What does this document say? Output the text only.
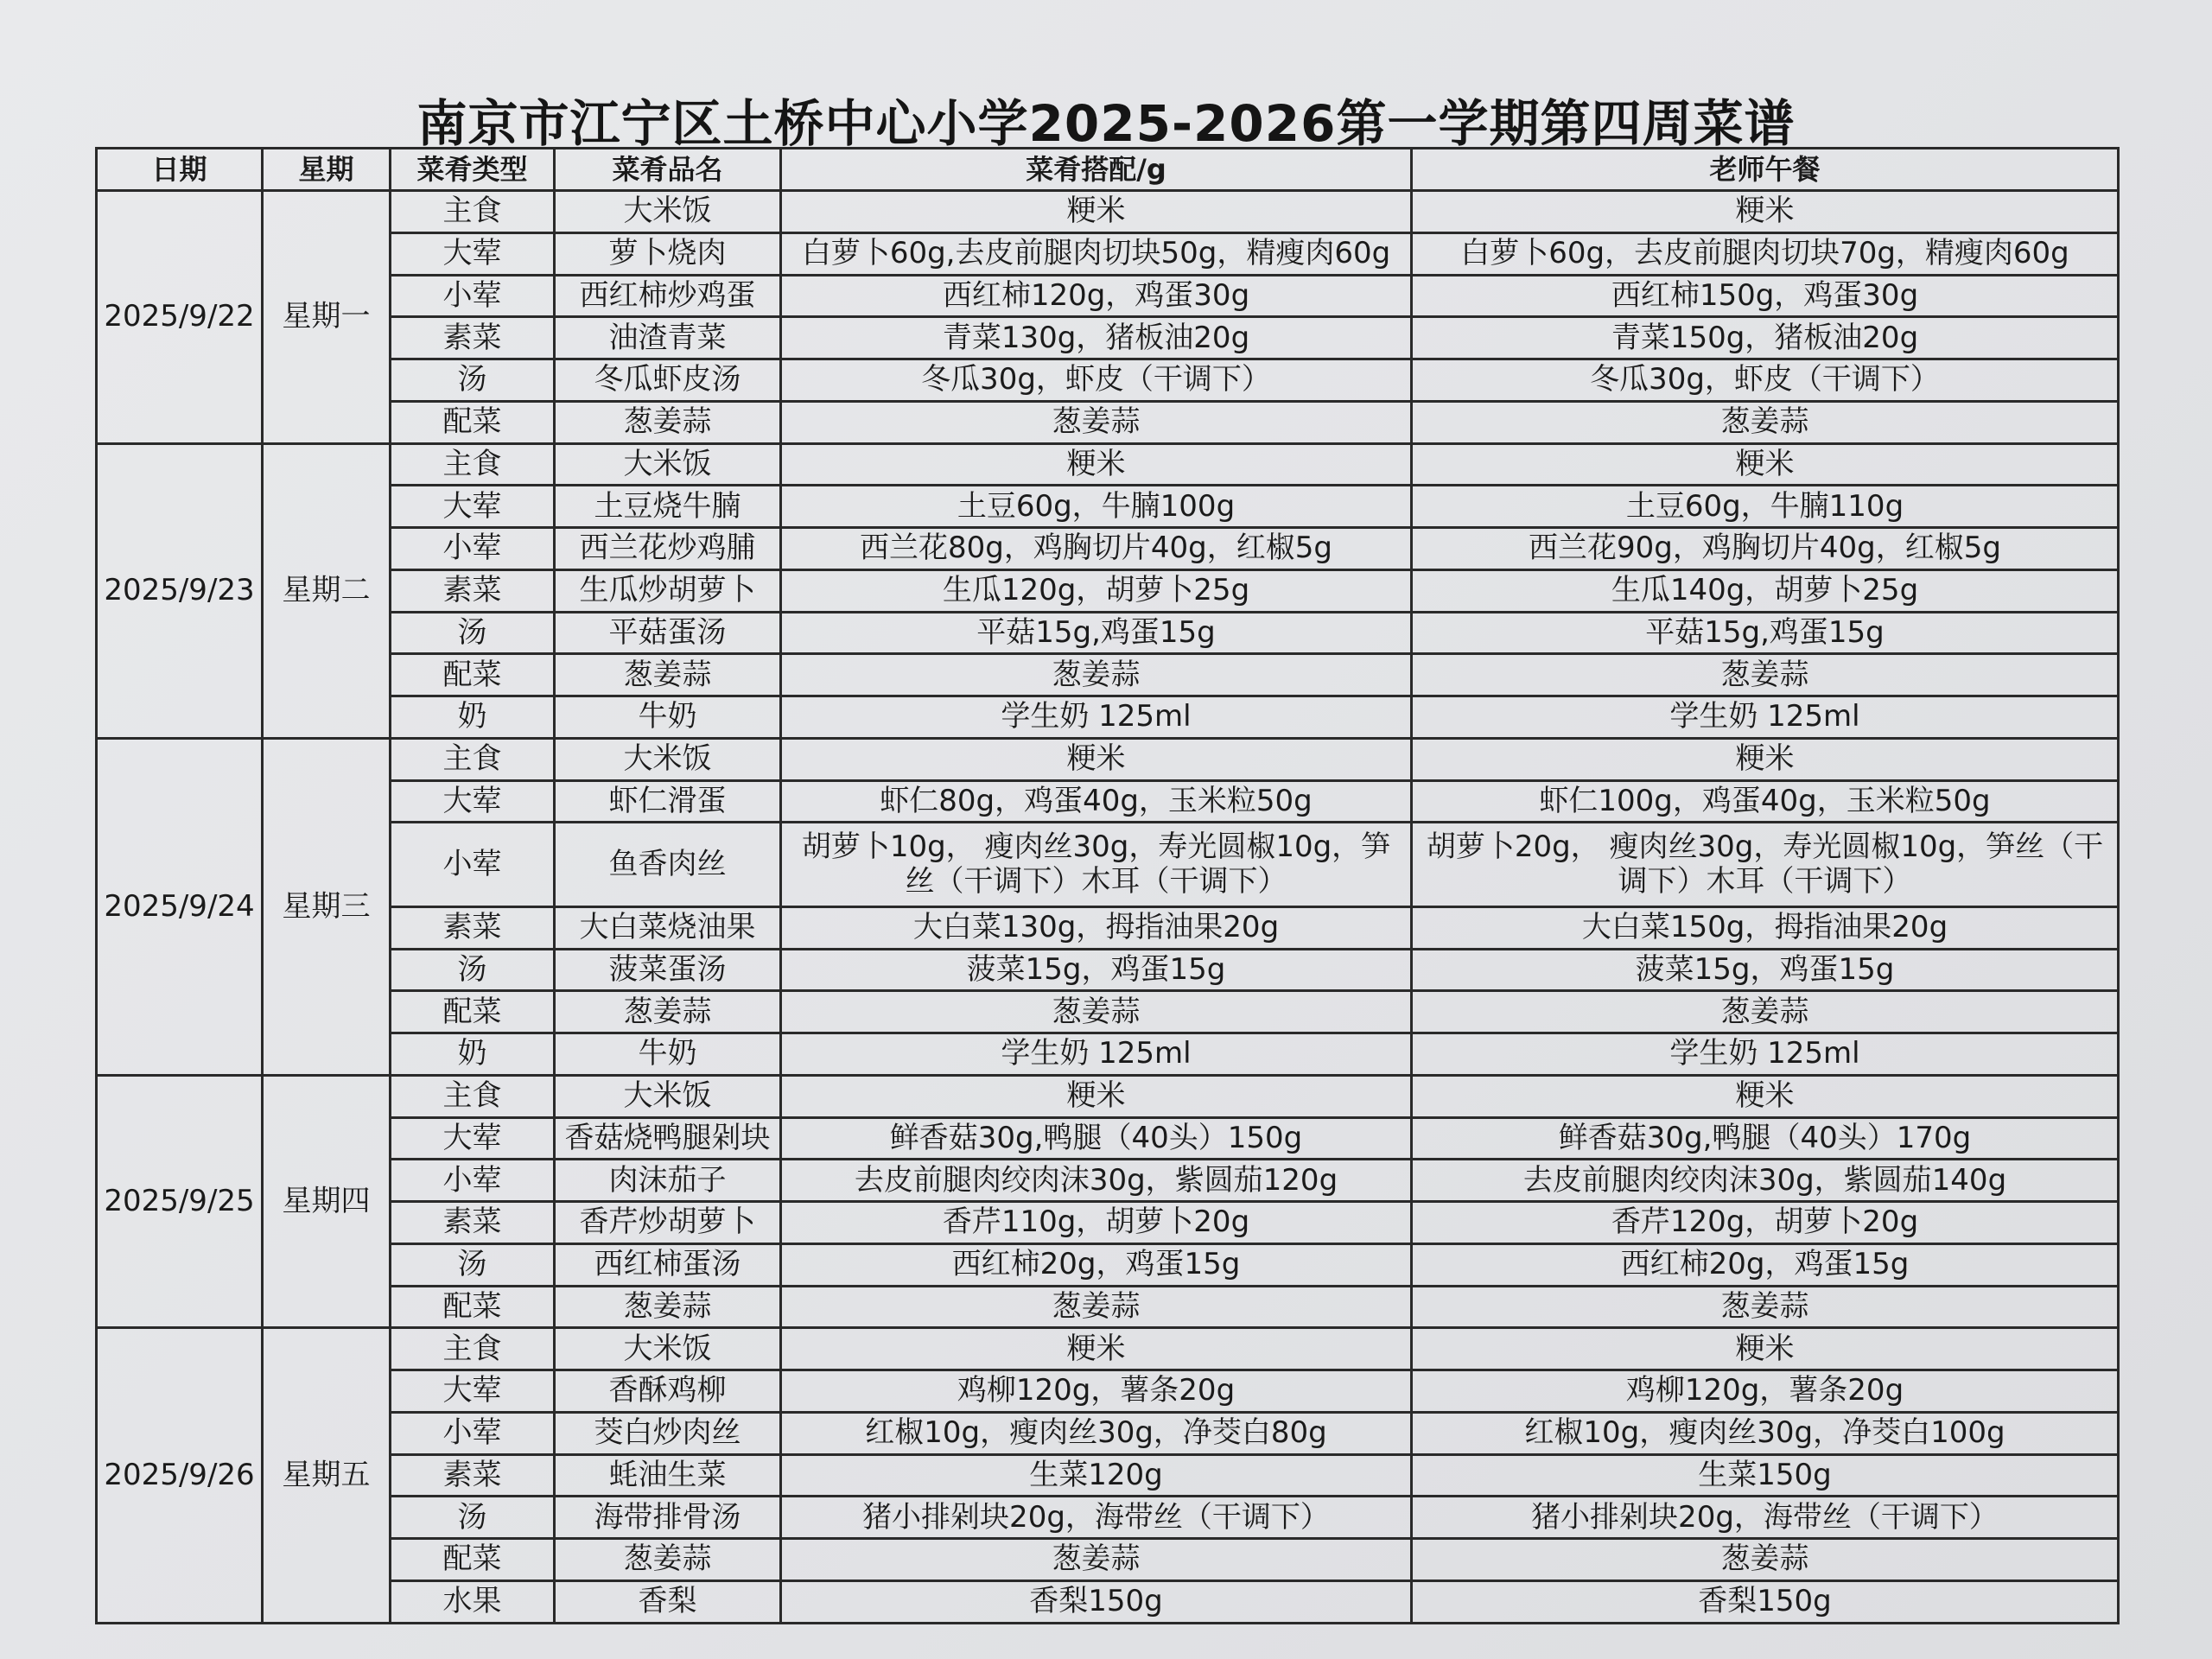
南京市江宁区土桥中心小学2025-2026第一学期第四周菜谱
日期	星期	菜肴类型	菜肴品名	菜肴搭配/g	老师午餐
2025/9/22	星期一	主食	大米饭	粳米	粳米
		大荤	萝卜烧肉	白萝卜60g,去皮前腿肉切块50g，精瘦肉60g	白萝卜60g，去皮前腿肉切块70g，精瘦肉60g
		小荤	西红柿炒鸡蛋	西红柿120g，鸡蛋30g	西红柿150g，鸡蛋30g
		素菜	油渣青菜	青菜130g，猪板油20g	青菜150g，猪板油20g
		汤	冬瓜虾皮汤	冬瓜30g，虾皮（干调下）	冬瓜30g，虾皮（干调下）
		配菜	葱姜蒜	葱姜蒜	葱姜蒜
2025/9/23	星期二	主食	大米饭	粳米	粳米
		大荤	土豆烧牛腩	土豆60g，牛腩100g	土豆60g，牛腩110g
		小荤	西兰花炒鸡脯	西兰花80g，鸡胸切片40g，红椒5g	西兰花90g，鸡胸切片40g，红椒5g
		素菜	生瓜炒胡萝卜	生瓜120g，胡萝卜25g	生瓜140g，胡萝卜25g
		汤	平菇蛋汤	平菇15g,鸡蛋15g	平菇15g,鸡蛋15g
		配菜	葱姜蒜	葱姜蒜	葱姜蒜
		奶	牛奶	学生奶 125ml	学生奶 125ml
2025/9/24	星期三	主食	大米饭	粳米	粳米
		大荤	虾仁滑蛋	虾仁80g，鸡蛋40g，玉米粒50g	虾仁100g，鸡蛋40g，玉米粒50g
		小荤	鱼香肉丝	胡萝卜10g， 瘦肉丝30g，寿光圆椒10g，笋丝（干调下）木耳（干调下）	胡萝卜20g， 瘦肉丝30g，寿光圆椒10g，笋丝（干调下）木耳（干调下）
		素菜	大白菜烧油果	大白菜130g，拇指油果20g	大白菜150g，拇指油果20g
		汤	菠菜蛋汤	菠菜15g，鸡蛋15g	菠菜15g，鸡蛋15g
		配菜	葱姜蒜	葱姜蒜	葱姜蒜
		奶	牛奶	学生奶 125ml	学生奶 125ml
2025/9/25	星期四	主食	大米饭	粳米	粳米
		大荤	香菇烧鸭腿剁块	鲜香菇30g,鸭腿（40头）150g	鲜香菇30g,鸭腿（40头）170g
		小荤	肉沫茄子	去皮前腿肉绞肉沫30g，紫圆茄120g	去皮前腿肉绞肉沫30g，紫圆茄140g
		素菜	香芹炒胡萝卜	香芹110g，胡萝卜20g	香芹120g，胡萝卜20g
		汤	西红柿蛋汤	西红柿20g，鸡蛋15g	西红柿20g，鸡蛋15g
		配菜	葱姜蒜	葱姜蒜	葱姜蒜
2025/9/26	星期五	主食	大米饭	粳米	粳米
		大荤	香酥鸡柳	鸡柳120g，薯条20g	鸡柳120g，薯条20g
		小荤	茭白炒肉丝	红椒10g，瘦肉丝30g，净茭白80g	红椒10g，瘦肉丝30g，净茭白100g
		素菜	蚝油生菜	生菜120g	生菜150g
		汤	海带排骨汤	猪小排剁块20g，海带丝（干调下）	猪小排剁块20g，海带丝（干调下）
		配菜	葱姜蒜	葱姜蒜	葱姜蒜
		水果	香梨	香梨150g	香梨150g
